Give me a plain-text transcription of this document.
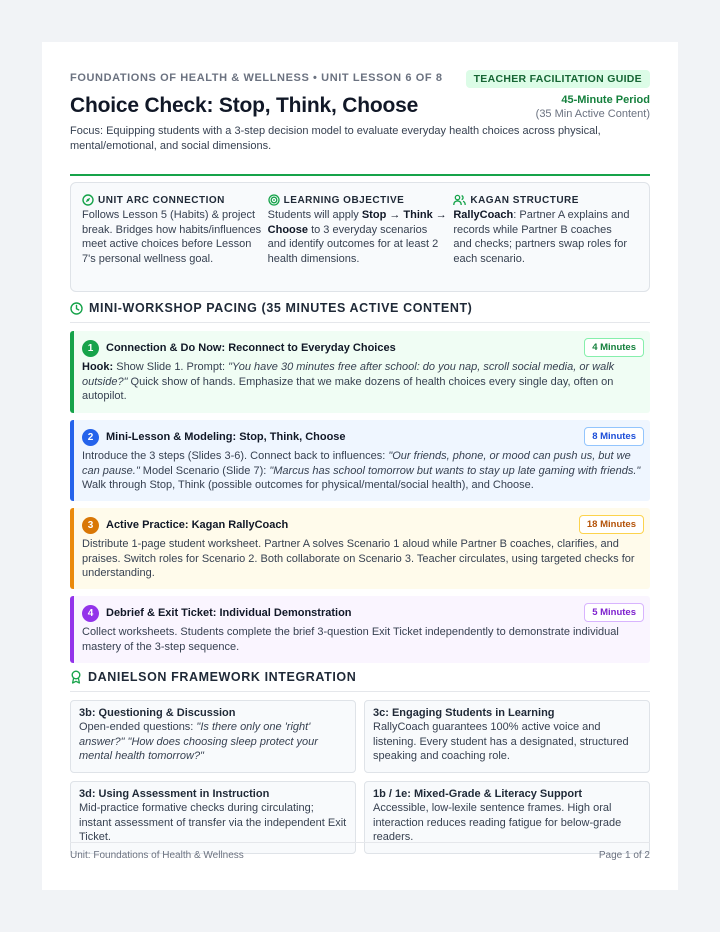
FOUNDATIONS OF HEALTH & WELLNESS • UNIT LESSON 6 OF 8
Choice Check: Stop, Think, Choose
Focus: Equipping students with a 3-step decision model to evaluate everyday health choices across physical, mental/emotional, and social dimensions.
TEACHER FACILITATION GUIDE
45-Minute Period
(35 Min Active Content)
UNIT ARC CONNECTION
Follows Lesson 5 (Habits) & project break. Bridges how habits/influences meet active choices before Lesson 7's personal wellness goal.
LEARNING OBJECTIVE
Students will apply Stop → Think → Choose to 3 everyday scenarios and identify outcomes for at least 2 health dimensions.
KAGAN STRUCTURE
RallyCoach: Partner A explains and records while Partner B coaches and checks; partners swap roles for each scenario.
MINI-WORKSHOP PACING (35 MINUTES ACTIVE CONTENT)
1	Connection & Do Now: Reconnect to Everyday Choices	4 Minutes
Hook: Show Slide 1. Prompt: "You have 30 minutes free after school: do you nap, scroll social media, or walk outside?" Quick show of hands. Emphasize that we make dozens of health choices every single day, often on autopilot.
2	Mini-Lesson & Modeling: Stop, Think, Choose	8 Minutes
Introduce the 3 steps (Slides 3-6). Connect back to influences: "Our friends, phone, or mood can push us, but we can pause." Model Scenario (Slide 7): "Marcus has school tomorrow but wants to stay up late gaming with friends." Walk through Stop, Think (possible outcomes for physical/mental/social health), and Choose.
3	Active Practice: Kagan RallyCoach	18 Minutes
Distribute 1-page student worksheet. Partner A solves Scenario 1 aloud while Partner B coaches, clarifies, and praises. Switch roles for Scenario 2. Both collaborate on Scenario 3. Teacher circulates, using targeted checks for understanding.
4	Debrief & Exit Ticket: Individual Demonstration	5 Minutes
Collect worksheets. Students complete the brief 3-question Exit Ticket independently to demonstrate individual mastery of the 3-step sequence.
DANIELSON FRAMEWORK INTEGRATION
3b: Questioning & Discussion
Open-ended questions: "Is there only one 'right' answer?" "How does choosing sleep protect your mental health tomorrow?"
3c: Engaging Students in Learning
RallyCoach guarantees 100% active voice and listening. Every student has a designated, structured speaking and coaching role.
3d: Using Assessment in Instruction
Mid-practice formative checks during circulating; instant assessment of transfer via the independent Exit Ticket.
1b / 1e: Mixed-Grade & Literacy Support
Accessible, low-lexile sentence frames. High oral interaction reduces reading fatigue for below-grade readers.
Unit: Foundations of Health & Wellness	Page 1 of 2
